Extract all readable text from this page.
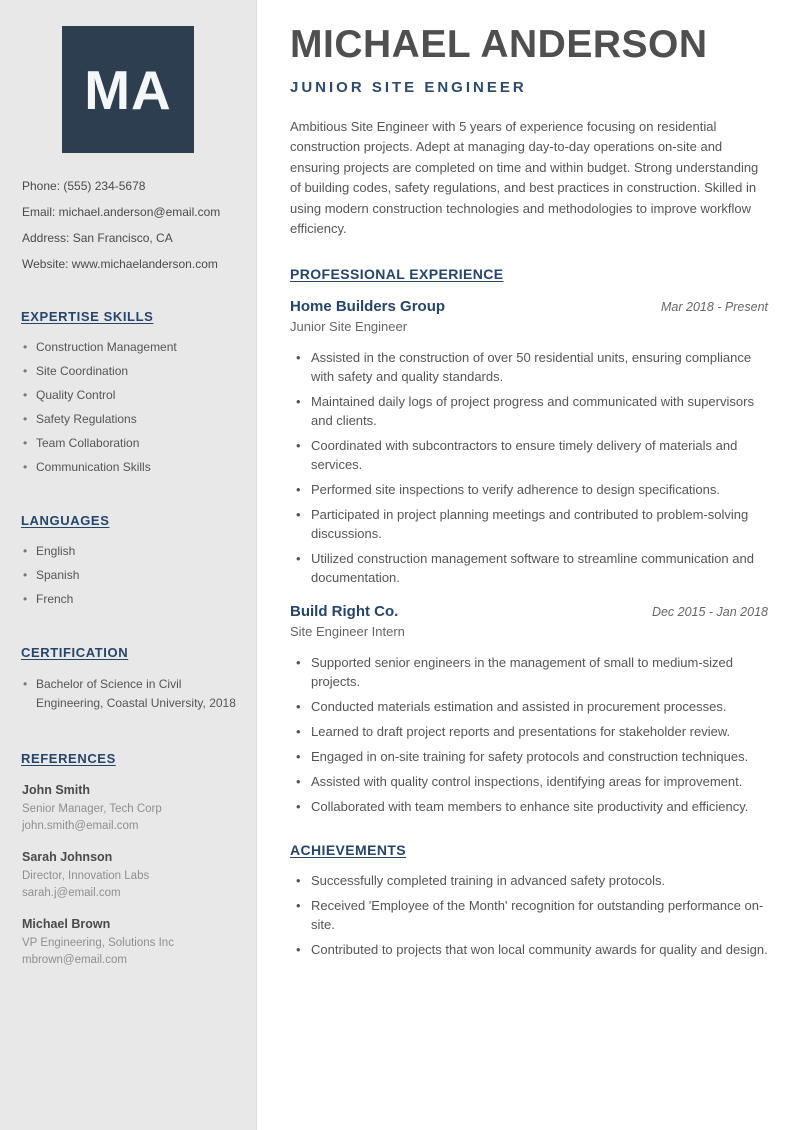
MA

Phone: (555) 234-5678

Email: michael.anderson@email.com

Address: San Francisco, CA

Website: www.michaelanderson.com

EXPERTISE SKILLS
• Construction Management
• Site Coordination
• Quality Control
• Safety Regulations
• Team Collaboration
• Communication Skills
LANGUAGES
• English
• Spanish
• French
CERTIFICATION
• Bachelor of Science in Civil Engineering, Coastal University, 2018
REFERENCES

John Smith

Senior Manager, Tech Corp

john.smith@email.com

Sarah Johnson

Director, Innovation Labs

sarah.j@email.com

Michael Brown

VP Engineering, Solutions Inc

mbrown@email.com

MICHAEL ANDERSON
JUNIOR SITE ENGINEER

Ambitious Site Engineer with 5 years of experience focusing on residential construction projects. Adept at managing day-to-day operations on-site and ensuring projects are completed on time and within budget. Strong understanding of building codes, safety regulations, and best practices in construction. Skilled in using modern construction technologies and methodologies to improve workflow efficiency.

PROFESSIONAL EXPERIENCE
Home Builders Group	Mar 2018 - Present
Junior Site Engineer
• Assisted in the construction of over 50 residential units, ensuring compliance with safety and quality standards.
• Maintained daily logs of project progress and communicated with supervisors and clients.
• Coordinated with subcontractors to ensure timely delivery of materials and services.
• Performed site inspections to verify adherence to design specifications.
• Participated in project planning meetings and contributed to problem-solving discussions.
• Utilized construction management software to streamline communication and documentation.
Build Right Co.	Dec 2015 - Jan 2018
Site Engineer Intern
• Supported senior engineers in the management of small to medium-sized projects.
• Conducted materials estimation and assisted in procurement processes.
• Learned to draft project reports and presentations for stakeholder review.
• Engaged in on-site training for safety protocols and construction techniques.
• Assisted with quality control inspections, identifying areas for improvement.
• Collaborated with team members to enhance site productivity and efficiency.
ACHIEVEMENTS
• Successfully completed training in advanced safety protocols.
• Received 'Employee of the Month' recognition for outstanding performance on-site.
• Contributed to projects that won local community awards for quality and design.
